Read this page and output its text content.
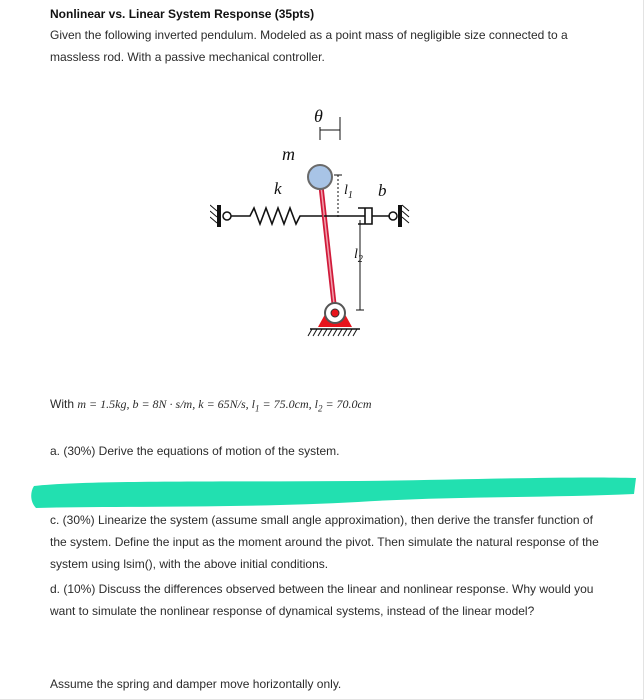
Nonlinear vs. Linear System Response (35pts)
Given the following inverted pendulum. Modeled as a point mass of negligible size connected to a massless rod. With a passive mechanical controller.
θ
m
k	$l_1$ b
$l_2$
With m = 1.5kg, b = 8N · s/m, k = 65N/s, $l_1 = 75.0cm$, $l_2 = 70.0cm$
a. (30%) Derive the equations of motion of the system.
c. (30%) Linearize the system (assume small angle approximation), then derive the transfer function of the system. Define the input as the moment around the pivot. Then simulate the natural response of the system using lsim(), with the above initial conditions.
d. (10%) Discuss the differences observed between the linear and nonlinear response. Why would you want to simulate the nonlinear response of dynamical systems, instead of the linear model?
Assume the spring and damper move horizontally only.
